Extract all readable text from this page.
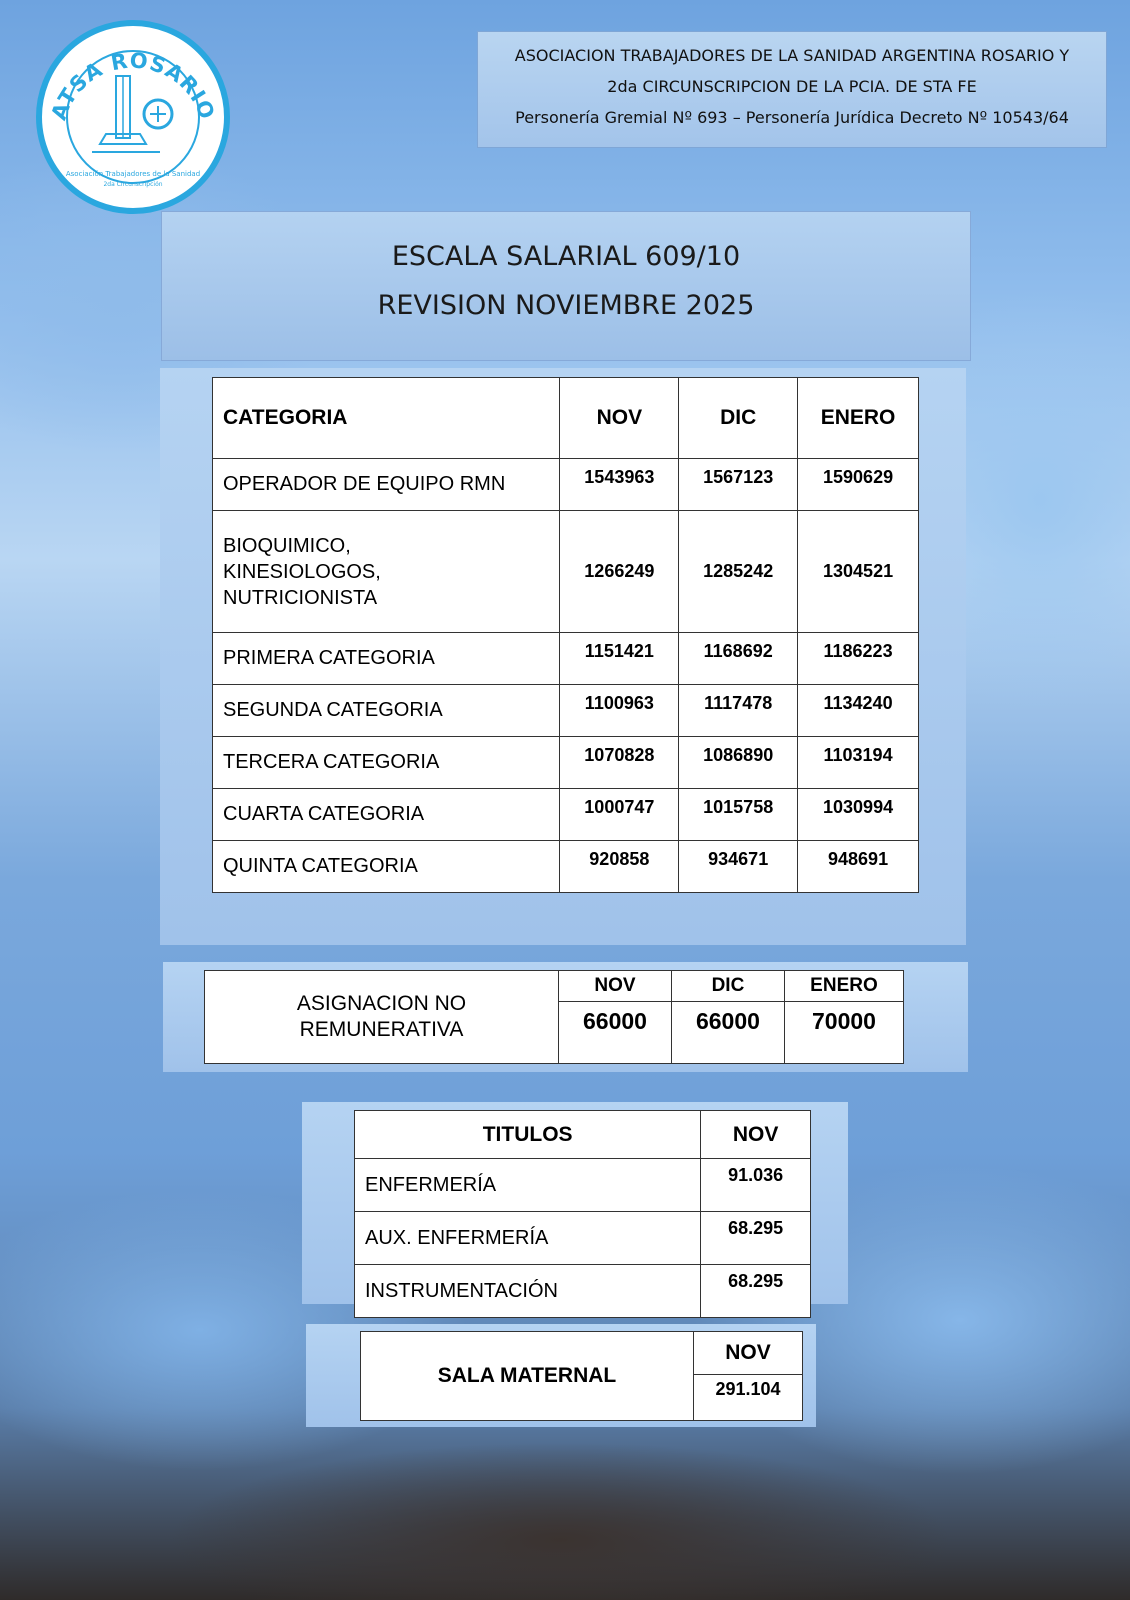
ATSA ROSARIO
Asociación Trabajadores de la Sanidad
2da Circunscripción
ASOCIACION TRABAJADORES DE LA SANIDAD ARGENTINA ROSARIO Y
2da CIRCUNSCRIPCION DE LA PCIA. DE STA FE
Personería Gremial Nº 693 – Personería Jurídica Decreto Nº 10543/64
ESCALA SALARIAL 609/10
REVISION NOVIEMBRE 2025
CATEGORIA	NOV	DIC	ENERO
OPERADOR DE EQUIPO RMN	1543963	1567123	1590629

BIOQUIMICO,
KINESIOLOGOS,
NUTRICIONISTA	1266249	1285242	1304521
PRIMERA CATEGORIA	1151421	1168692	1186223
SEGUNDA CATEGORIA	1100963	1117478	1134240
TERCERA CATEGORIA	1070828	1086890	1103194
CUARTA CATEGORIA	1000747	1015758	1030994
QUINTA CATEGORIA	920858	934671	948691
ASIGNACION NO
REMUNERATIVA	NOV	DIC	ENERO
	66000	66000	70000
TITULOS	NOV
ENFERMERÍA	91.036
AUX. ENFERMERÍA	68.295
INSTRUMENTACIÓN	68.295
SALA MATERNAL	NOV
291.104
